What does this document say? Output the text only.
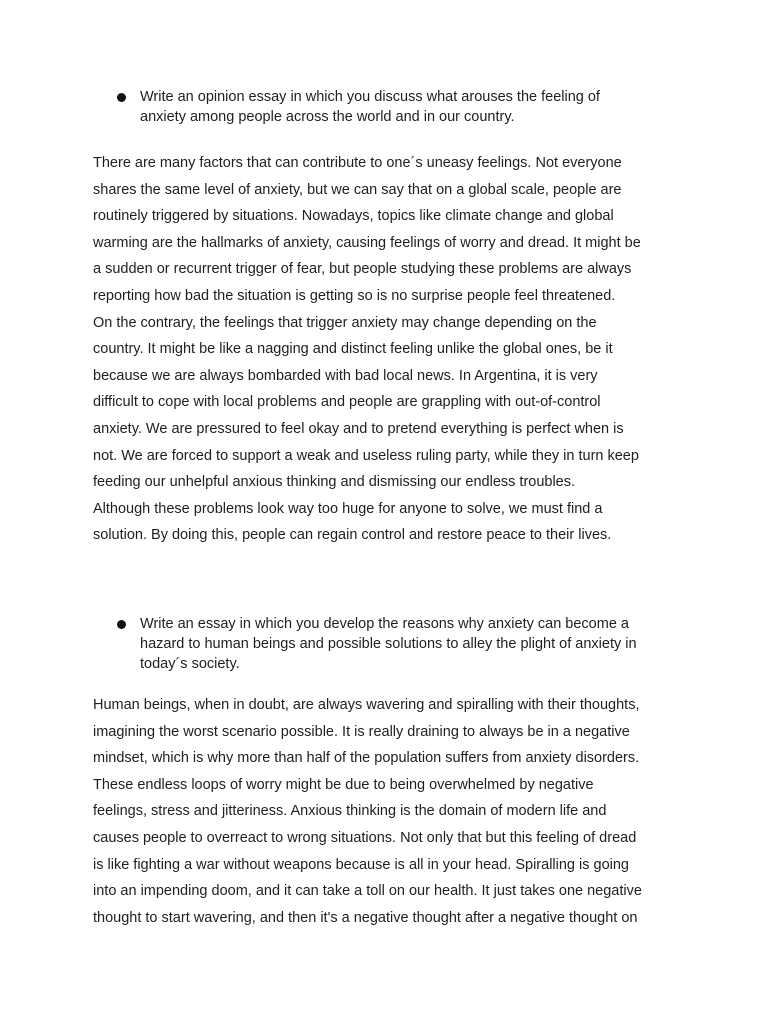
Write an opinion essay in which you discuss what arouses the feeling of
anxiety among people across the world and in our country.
There are many factors that can contribute to one´s uneasy feelings. Not everyone
shares the same level of anxiety, but we can say that on a global scale, people are
routinely triggered by situations. Nowadays, topics like climate change and global
warming are the hallmarks of anxiety, causing feelings of worry and dread. It might be
a sudden or recurrent trigger of fear, but people studying these problems are always
reporting how bad the situation is getting so is no surprise people feel threatened.
On the contrary, the feelings that trigger anxiety may change depending on the
country. It might be like a nagging and distinct feeling unlike the global ones, be it
because we are always bombarded with bad local news. In Argentina, it is very
difficult to cope with local problems and people are grappling with out-of-control
anxiety. We are pressured to feel okay and to pretend everything is perfect when is
not. We are forced to support a weak and useless ruling party, while they in turn keep
feeding our unhelpful anxious thinking and dismissing our endless troubles.
Although these problems look way too huge for anyone to solve, we must find a
solution. By doing this, people can regain control and restore peace to their lives.
Write an essay in which you develop the reasons why anxiety can become a
hazard to human beings and possible solutions to alley the plight of anxiety in
today´s society.
Human beings, when in doubt, are always wavering and spiralling with their thoughts,
imagining the worst scenario possible. It is really draining to always be in a negative
mindset, which is why more than half of the population suffers from anxiety disorders.
These endless loops of worry might be due to being overwhelmed by negative
feelings, stress and jitteriness. Anxious thinking is the domain of modern life and
causes people to overreact to wrong situations. Not only that but this feeling of dread
is like fighting a war without weapons because is all in your head. Spiralling is going
into an impending doom, and it can take a toll on our health. It just takes one negative
thought to start wavering, and then it's a negative thought after a negative thought on
